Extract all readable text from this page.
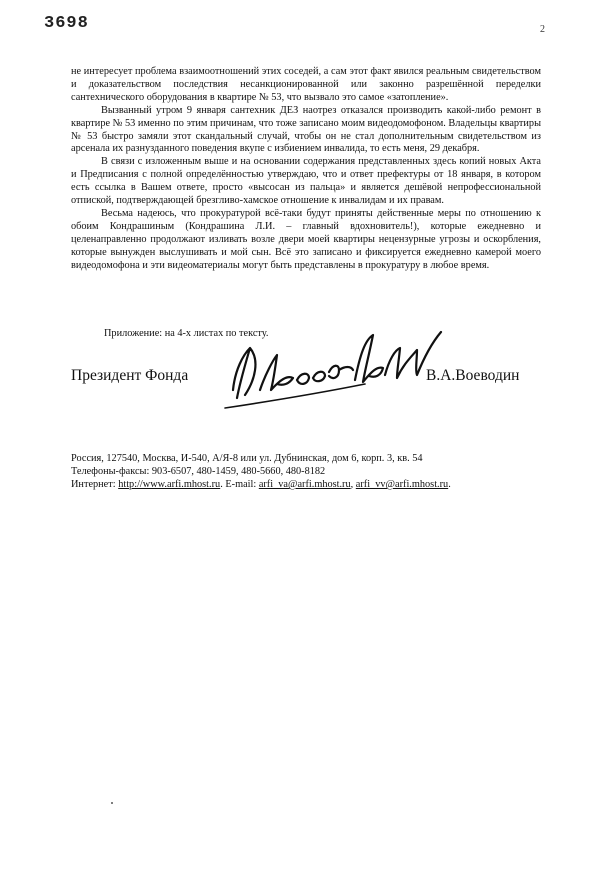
3698	2

не интересует проблема взаимоотношений этих соседей, а сам этот факт явился реальным свидетельством и доказательством последствия несанкционированной или законно разрешённой переделки сантехнического оборудования в квартире № 53, что вызвало это самое «затопление».

Вызванный утром 9 января сантехник ДЕЗ наотрез отказался производить какой-либо ремонт в квартире № 53 именно по этим причинам, что тоже записано моим видеодомофоном. Владельцы квартиры № 53 быстро замяли этот скандальный случай, чтобы он не стал дополнительным свидетельством из арсенала их разнузданного поведения вкупе с избиением инвалида, то есть меня, 29 декабря.

В связи с изложенным выше и на основании содержания представленных здесь копий новых Акта и Предписания с полной определённостью утверждаю, что и ответ префектуры от 18 января, в котором есть ссылка в Вашем ответе, просто «высосан из пальца» и является дешёвой непрофессиональной отпиской, подтверждающей брезгливо-хамское отношение к инвалидам и их правам.

Весьма надеюсь, что прокуратурой всё-таки будут приняты действенные меры по отношению к обоим Кондрашиным (Кондрашина Л.И. – главный вдохновитель!), которые ежедневно и целенаправленно продолжают изливать возле двери моей квартиры нецензурные угрозы и оскорбления, которые вынужден выслушивать и мой сын. Всё это записано и фиксируется ежедневно камерой моего видеодомофона и эти видеоматериалы могут быть представлены в прокуратуру в любое время.

Приложение: на 4-х листах по тексту.
Президент Фонда	В.А.Воеводин
Россия, 127540, Москва, И-540, А/Я-8 или ул. Дубнинская, дом 6, корп. 3, кв. 54
Телефоны-факсы: 903-6507, 480-1459, 480-5660, 480-8182
Интернет: http://www.arfi.mhost.ru. E-mail: arfi_va@arfi.mhost.ru, arfi_vv@arfi.mhost.ru.
